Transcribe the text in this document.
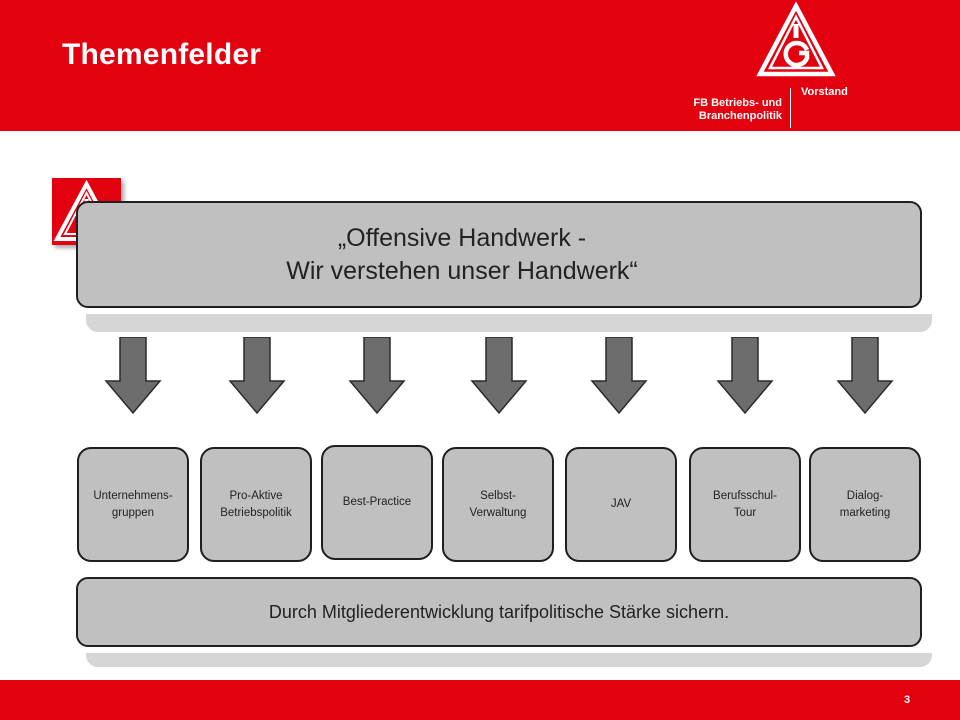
Themenfelder
FB Betriebs- und
Branchenpolitik
Vorstand
„Offensive Handwerk -
Wir verstehen unser Handwerk“
Unternehmens-
gruppen
Pro-Aktive
Betriebspolitik
Best-Practice
Selbst-
Verwaltung
JAV
Berufsschul-
Tour
Dialog-
marketing
Durch Mitgliederentwicklung tarifpolitische Stärke sichern.
3
